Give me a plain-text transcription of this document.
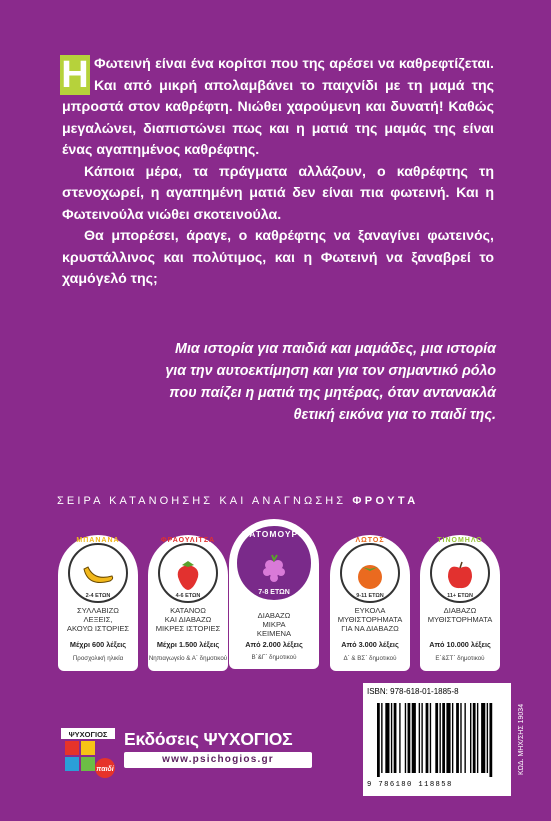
Η Φωτεινή είναι ένα κορίτσι που της αρέσει να καθρεφτίζεται. Και από μικρή απολαμβάνει το παιχνίδι με τη μαμά της μπροστά στον καθρέφτη. Νιώθει χαρούμενη και δυνατή! Καθώς μεγαλώνει, διαπιστώνει πως και η ματιά της μαμάς της είναι ένας αγαπημένος καθρέφτης.

Κάποια μέρα, τα πράγματα αλλάζουν, ο καθρέφτης τη στενοχωρεί, η αγαπημένη ματιά δεν είναι πια φωτεινή. Και η Φωτεινούλα νιώθει σκοτεινούλα.

Θα μπορέσει, άραγε, ο καθρέφτης να ξαναγίνει φωτεινός, κρυστάλλινος και πολύτιμος, και η Φωτεινή να ξαναβρεί το χαμόγελό της;

Μια ιστορία για παιδιά και μαμάδες, μια ιστορία
για την αυτοεκτίμηση και για τον σημαντικό ρόλο
που παίζει η ματιά της μητέρας, όταν αντανακλά
θετική εικόνα για το παιδί της.
ΣΕΙΡΑ ΚΑΤΑΝΟΗΣΗΣ ΚΑΙ ΑΝΑΓΝΩΣΗΣ ΦΡΟΥΤΑ
ΜΠΑΝΑΝΑ
2-4 ΕΤΩΝ
ΣΥΛΛΑΒΙΖΩ
ΛΕΞΕΙΣ,
ΑΚΟΥΩ ΙΣΤΟΡΙΕΣ
Μέχρι 600 λέξεις
Προσχολική ηλικία
ΦΡΑΟΥΛΙΤΣΑ
4-6 ΕΤΩΝ
ΚΑΤΑΝΟΩ
ΚΑΙ ΔΙΑΒΑΖΩ
ΜΙΚΡΕΣ ΙΣΤΟΡΙΕΣ
Μέχρι 1.500 λέξεις
Νηπιαγωγείο & Α΄ δημοτικού
ΒΑΤΟΜΟΥΡΟ
7-8 ΕΤΩΝ
ΔΙΑΒΑΖΩ
ΜΙΚΡΑ
ΚΕΙΜΕΝΑ
Από 2.000 λέξεις
Β΄&Γ΄ δημοτικού
ΛΩΤΟΣ
9-11 ΕΤΩΝ
ΕΥΚΟΛΑ
ΜΥΘΙΣΤΟΡΗΜΑΤΑ
ΓΙΑ ΝΑ ΔΙΑΒΑΖΩ
Από 3.000 λέξεις
Δ΄ & ΒΣ΄ δημοτικού
ΤΙΝΟΜΗΛΟ
11+ ΕΤΩΝ
ΔΙΑΒΑΖΩ
ΜΥΘΙΣΤΟΡΗΜΑΤΑ
Από 10.000 λέξεις
Ε΄&ΣΤ΄ δημοτικού
ISBN: 978-618-01-1885-8
9 786180 118858
ΚΩΔ. ΜΗΧ/ΣΗΣ 19034
ΨΥΧΟΓΙΟΣ
παιδί
Εκδόσεις ΨΥΧΟΓΙΟΣ
www.psichogios.gr
